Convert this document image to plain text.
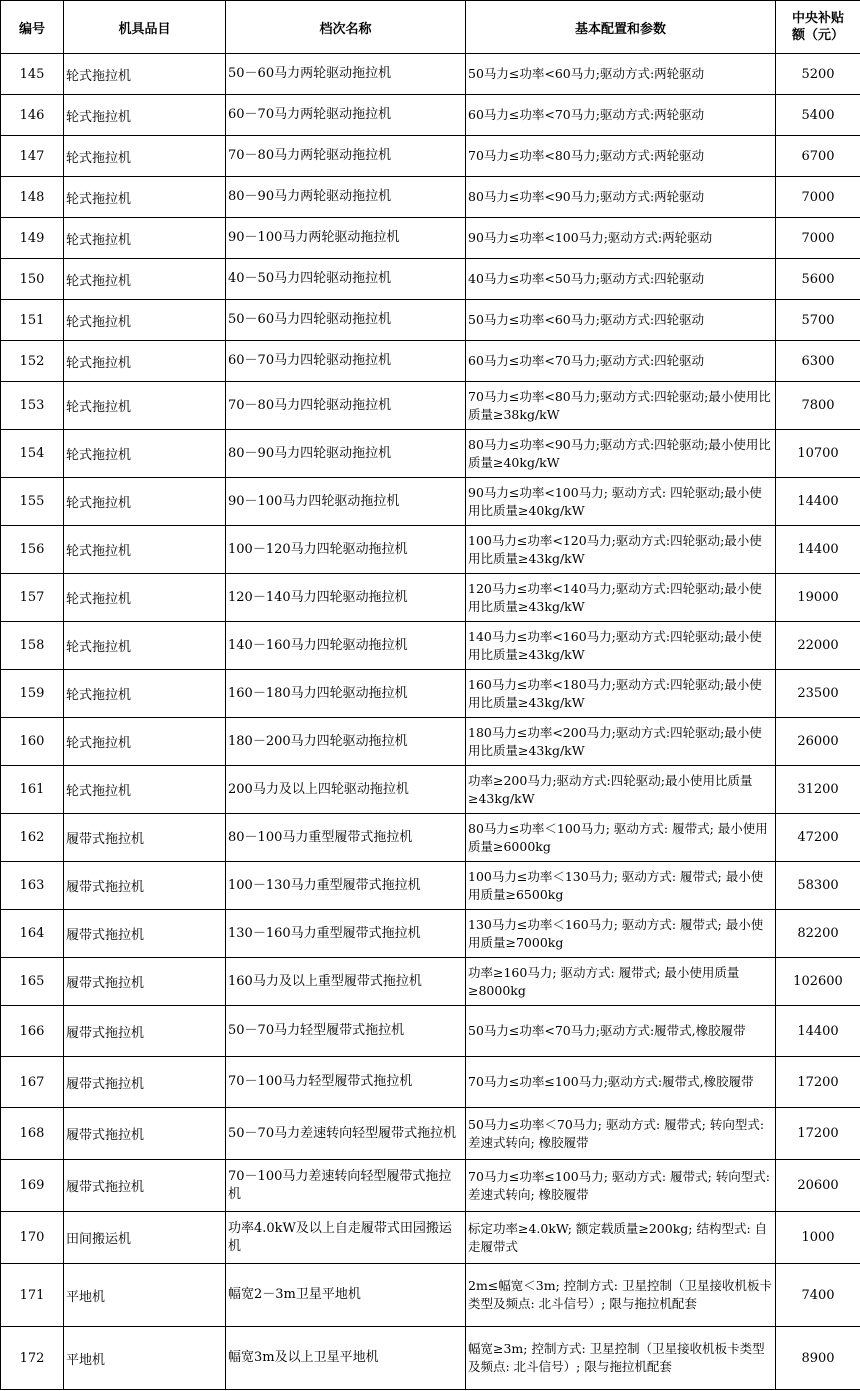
编号	机具品目	档次名称	基本配置和参数	中央补贴
额（元）
145	轮式拖拉机	50－60马力两轮驱动拖拉机	50马力≤功率<60马力;驱动方式:两轮驱动	5200
146	轮式拖拉机	60－70马力两轮驱动拖拉机	60马力≤功率<70马力;驱动方式:两轮驱动	5400
147	轮式拖拉机	70－80马力两轮驱动拖拉机	70马力≤功率<80马力;驱动方式:两轮驱动	6700
148	轮式拖拉机	80－90马力两轮驱动拖拉机	80马力≤功率<90马力;驱动方式:两轮驱动	7000
149	轮式拖拉机	90－100马力两轮驱动拖拉机	90马力≤功率<100马力;驱动方式:两轮驱动	7000
150	轮式拖拉机	40－50马力四轮驱动拖拉机	40马力≤功率<50马力;驱动方式:四轮驱动	5600
151	轮式拖拉机	50－60马力四轮驱动拖拉机	50马力≤功率<60马力;驱动方式:四轮驱动	5700
152	轮式拖拉机	60－70马力四轮驱动拖拉机	60马力≤功率<70马力;驱动方式:四轮驱动	6300
153	轮式拖拉机	70－80马力四轮驱动拖拉机	70马力≤功率<80马力;驱动方式:四轮驱动;最小使用比质量≥38kg/kW	7800
154	轮式拖拉机	80－90马力四轮驱动拖拉机	80马力≤功率<90马力;驱动方式:四轮驱动;最小使用比质量≥40kg/kW	10700
155	轮式拖拉机	90－100马力四轮驱动拖拉机	90马力≤功率<100马力; 驱动方式: 四轮驱动;最小使用比质量≥40kg/kW	14400
156	轮式拖拉机	100－120马力四轮驱动拖拉机	100马力≤功率<120马力;驱动方式:四轮驱动;最小使用比质量≥43kg/kW	14400
157	轮式拖拉机	120－140马力四轮驱动拖拉机	120马力≤功率<140马力;驱动方式:四轮驱动;最小使用比质量≥43kg/kW	19000
158	轮式拖拉机	140－160马力四轮驱动拖拉机	140马力≤功率<160马力;驱动方式:四轮驱动;最小使用比质量≥43kg/kW	22000
159	轮式拖拉机	160－180马力四轮驱动拖拉机	160马力≤功率<180马力;驱动方式:四轮驱动;最小使用比质量≥43kg/kW	23500
160	轮式拖拉机	180－200马力四轮驱动拖拉机	180马力≤功率<200马力;驱动方式:四轮驱动;最小使用比质量≥43kg/kW	26000
161	轮式拖拉机	200马力及以上四轮驱动拖拉机	功率≥200马力;驱动方式:四轮驱动;最小使用比质量≥43kg/kW	31200
162	履带式拖拉机	80－100马力重型履带式拖拉机	80马力≤功率＜100马力; 驱动方式: 履带式; 最小使用质量≥6000kg	47200
163	履带式拖拉机	100－130马力重型履带式拖拉机	100马力≤功率＜130马力; 驱动方式: 履带式; 最小使用质量≥6500kg	58300
164	履带式拖拉机	130－160马力重型履带式拖拉机	130马力≤功率＜160马力; 驱动方式: 履带式; 最小使用质量≥7000kg	82200
165	履带式拖拉机	160马力及以上重型履带式拖拉机	功率≥160马力; 驱动方式: 履带式; 最小使用质量≥8000kg	102600
166	履带式拖拉机	50－70马力轻型履带式拖拉机	50马力≤功率<70马力;驱动方式:履带式,橡胶履带	14400
167	履带式拖拉机	70－100马力轻型履带式拖拉机	70马力≤功率≤100马力;驱动方式:履带式,橡胶履带	17200
168	履带式拖拉机	50－70马力差速转向轻型履带式拖拉机	50马力≤功率＜70马力; 驱动方式: 履带式; 转向型式: 差速式转向; 橡胶履带	17200
169	履带式拖拉机	70－100马力差速转向轻型履带式拖拉机	70马力≤功率≤100马力; 驱动方式: 履带式; 转向型式: 差速式转向; 橡胶履带	20600
170	田间搬运机	功率4.0kW及以上自走履带式田园搬运机	标定功率≥4.0kW; 额定载质量≥200kg; 结构型式: 自走履带式	1000
171	平地机	幅宽2－3m卫星平地机	2m≤幅宽＜3m; 控制方式: 卫星控制（卫星接收机板卡类型及频点: 北斗信号）; 限与拖拉机配套	7400
172	平地机	幅宽3m及以上卫星平地机	幅宽≥3m; 控制方式: 卫星控制（卫星接收机板卡类型及频点: 北斗信号）; 限与拖拉机配套	8900
